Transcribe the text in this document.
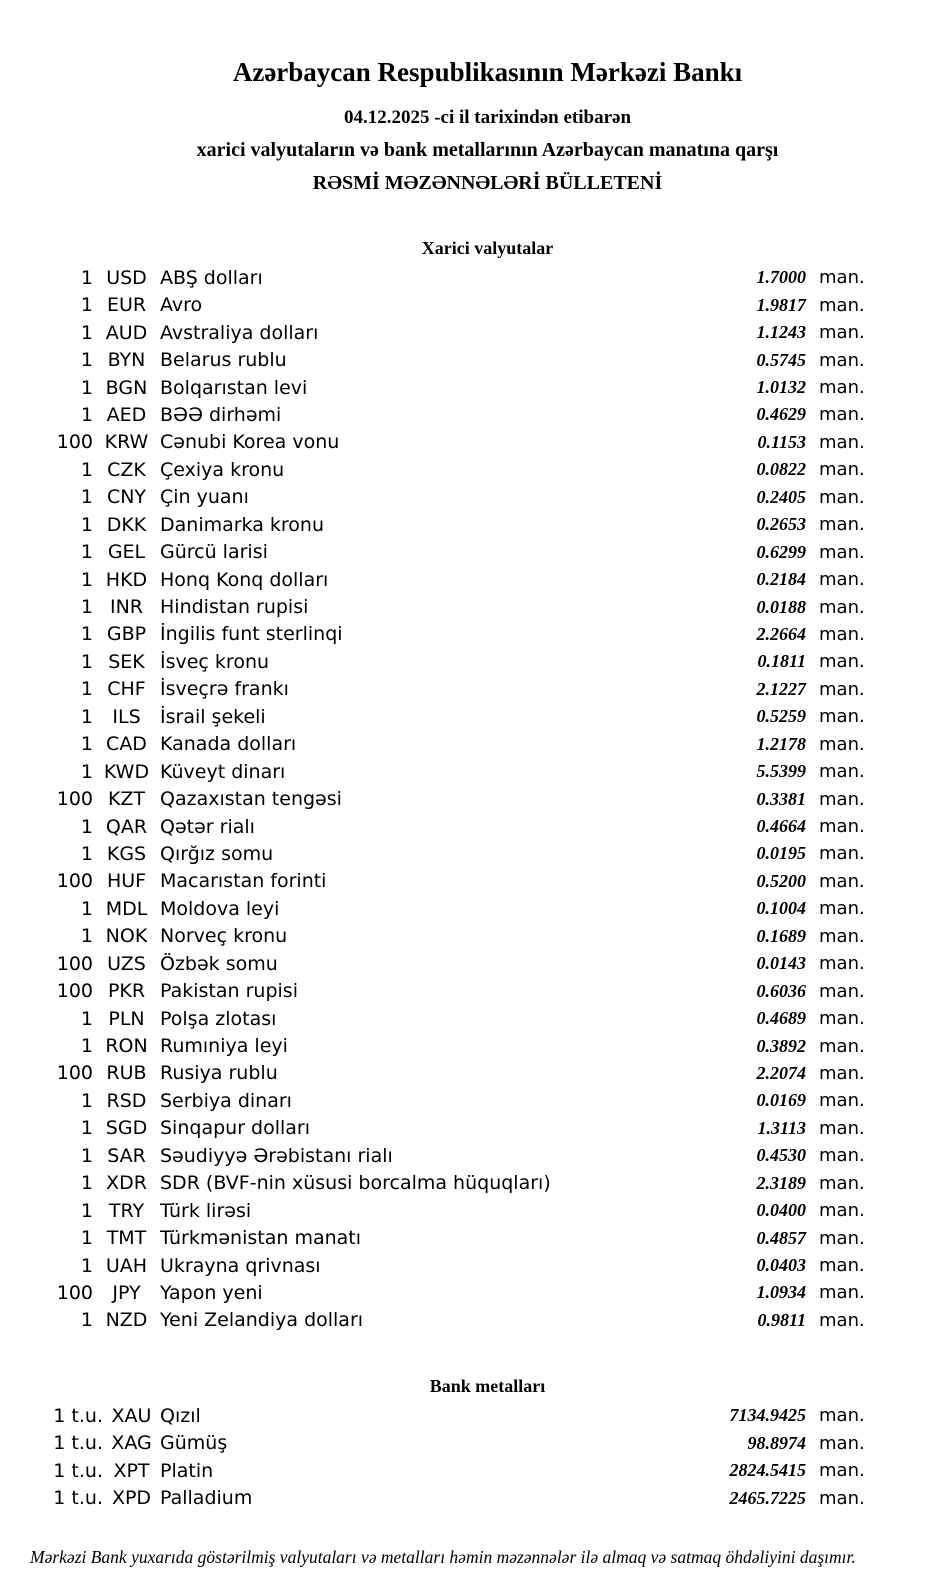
Azərbaycan Respublikasının Mərkəzi Bankı
04.12.2025 -ci il tarixindən etibarən
xarici valyutaların və bank metallarının Azərbaycan manatına qarşı
RƏSMİ MƏZƏNNƏLƏRİ BÜLLETENİ
Xarici valyutalar
1 USD ABŞ dolları	1.7000 man.
1 EUR Avro	1.9817 man.
1 AUD Avstraliya dolları	1.1243 man.
1 BYN Belarus rublu	0.5745 man.
1 BGN Bolqarıstan levi	1.0132 man.
1 AED BƏƏ dirhəmi	0.4629 man.
100 KRW Cənubi Korea vonu	0.1153 man.
1 CZK Çexiya kronu	0.0822 man.
1 CNY Çin yuanı	0.2405 man.
1 DKK Danimarka kronu	0.2653 man.
1 GEL Gürcü larisi	0.6299 man.
1 HKD Honq Konq dolları	0.2184 man.
1 INR Hindistan rupisi	0.0188 man.
1 GBP İngilis funt sterlinqi	2.2664 man.
1 SEK İsveç kronu	0.1811 man.
1 CHF İsveçrə frankı	2.1227 man.
1	ILS	İsrail şekeli	0.5259 man.
1 CAD Kanada dolları	1.2178 man.
1 KWD Küveyt dinarı	5.5399 man.
100 KZT Qazaxıstan tengəsi	0.3381 man.
1 QAR Qətər rialı	0.4664 man.
1 KGS Qırğız somu	0.0195 man.
100 HUF Macarıstan forinti	0.5200 man.
1 MDL Moldova leyi	0.1004 man.
1 NOK Norveç kronu	0.1689 man.
100 UZS Özbək somu	0.0143 man.
100 PKR Pakistan rupisi	0.6036 man.
1 PLN Polşa zlotası	0.4689 man.
1 RON Rumıniya leyi	0.3892 man.
100 RUB Rusiya rublu	2.2074 man.
1 RSD Serbiya dinarı	0.0169 man.
1 SGD Sinqapur dolları	1.3113 man.
1 SAR Səudiyyə Ərəbistanı rialı	0.4530 man.
1 XDR SDR (BVF-nin xüsusi borcalma hüquqları)	2.3189 man.
1 TRY Türk lirəsi	0.0400 man.
1 TMT Türkmənistan manatı	0.4857 man.
1 UAH Ukrayna qrivnası	0.0403 man.
100	JPY	Yapon yeni	1.0934 man.
1 NZD Yeni Zelandiya dolları	0.9811 man.
Bank metalları
1 t.u. XAU Qızıl	7134.9425 man.
1 t.u. XAG Gümüş	98.8974 man.
1 t.u. XPT Platin	2824.5415 man.
1 t.u. XPD Palladium	2465.7225 man.
Mərkəzi Bank yuxarıda göstərilmiş valyutaları və metalları həmin məzənnələr ilə almaq və satmaq öhdəliyini daşımır.
